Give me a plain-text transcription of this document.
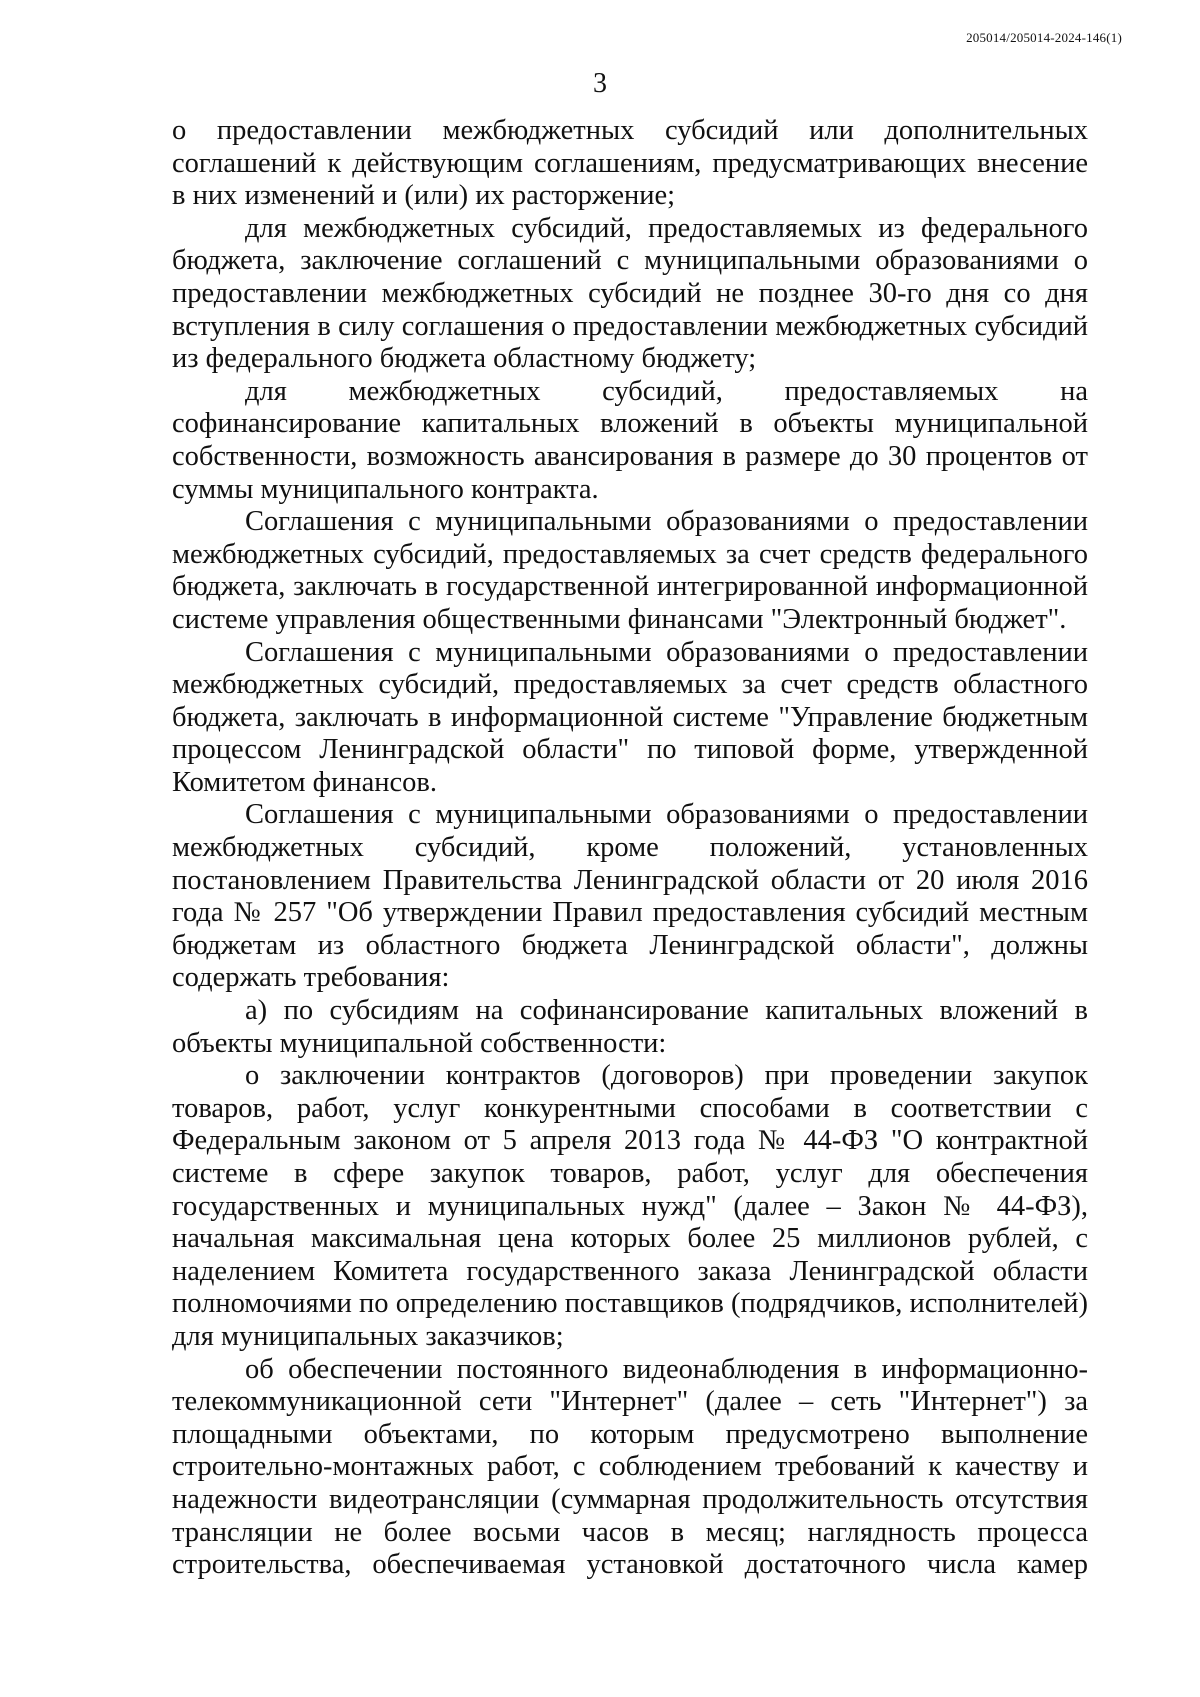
205014/205014-2024-146(1)
3

о предоставлении межбюджетных субсидий или дополнительных соглашений к действующим соглашениям, предусматривающих внесение в них изменений и (или) их расторжение;

для межбюджетных субсидий, предоставляемых из федерального бюджета, заключение соглашений с муниципальными образованиями о предоставлении межбюджетных субсидий не позднее 30-го дня со дня вступления в силу соглашения о предоставлении межбюджетных субсидий из федерального бюджета областному бюджету;

для межбюджетных субсидий, предоставляемых на софинансирование капитальных вложений в объекты муниципальной собственности, возможность авансирования в размере до 30 процентов от суммы муниципального контракта.

Соглашения с муниципальными образованиями о предоставлении межбюджетных субсидий, предоставляемых за счет средств федерального бюджета, заключать в государственной интегрированной информационной системе управления общественными финансами "Электронный бюджет".

Соглашения с муниципальными образованиями о предоставлении межбюджетных субсидий, предоставляемых за счет средств областного бюджета, заключать в информационной системе "Управление бюджетным процессом Ленинградской области" по типовой форме, утвержденной Комитетом финансов.

Соглашения с муниципальными образованиями о предоставлении межбюджетных субсидий, кроме положений, установленных постановлением Правительства Ленинградской области от 20 июля 2016 года № 257 "Об утверждении Правил предоставления субсидий местным бюджетам из областного бюджета Ленинградской области", должны содержать требования:

а) по субсидиям на софинансирование капитальных вложений в объекты муниципальной собственности:

о заключении контрактов (договоров) при проведении закупок товаров, работ, услуг конкурентными способами в соответствии с Федеральным законом от 5 апреля 2013 года № 44-ФЗ "О контрактной системе в сфере закупок товаров, работ, услуг для обеспечения государственных и муниципальных нужд" (далее – Закон № 44-ФЗ), начальная максимальная цена которых более 25 миллионов рублей, с наделением Комитета государственного заказа Ленинградской области полномочиями по определению поставщиков (подрядчиков, исполнителей) для муниципальных заказчиков;

об обеспечении постоянного видеонаблюдения в информационно-телекоммуникационной сети "Интернет" (далее – сеть "Интернет") за площадными объектами, по которым предусмотрено выполнение строительно-монтажных работ, с соблюдением требований к качеству и надежности видеотрансляции (суммарная продолжительность отсутствия трансляции не более восьми часов в месяц; наглядность процесса строительства, обеспечиваемая установкой достаточного числа камер
